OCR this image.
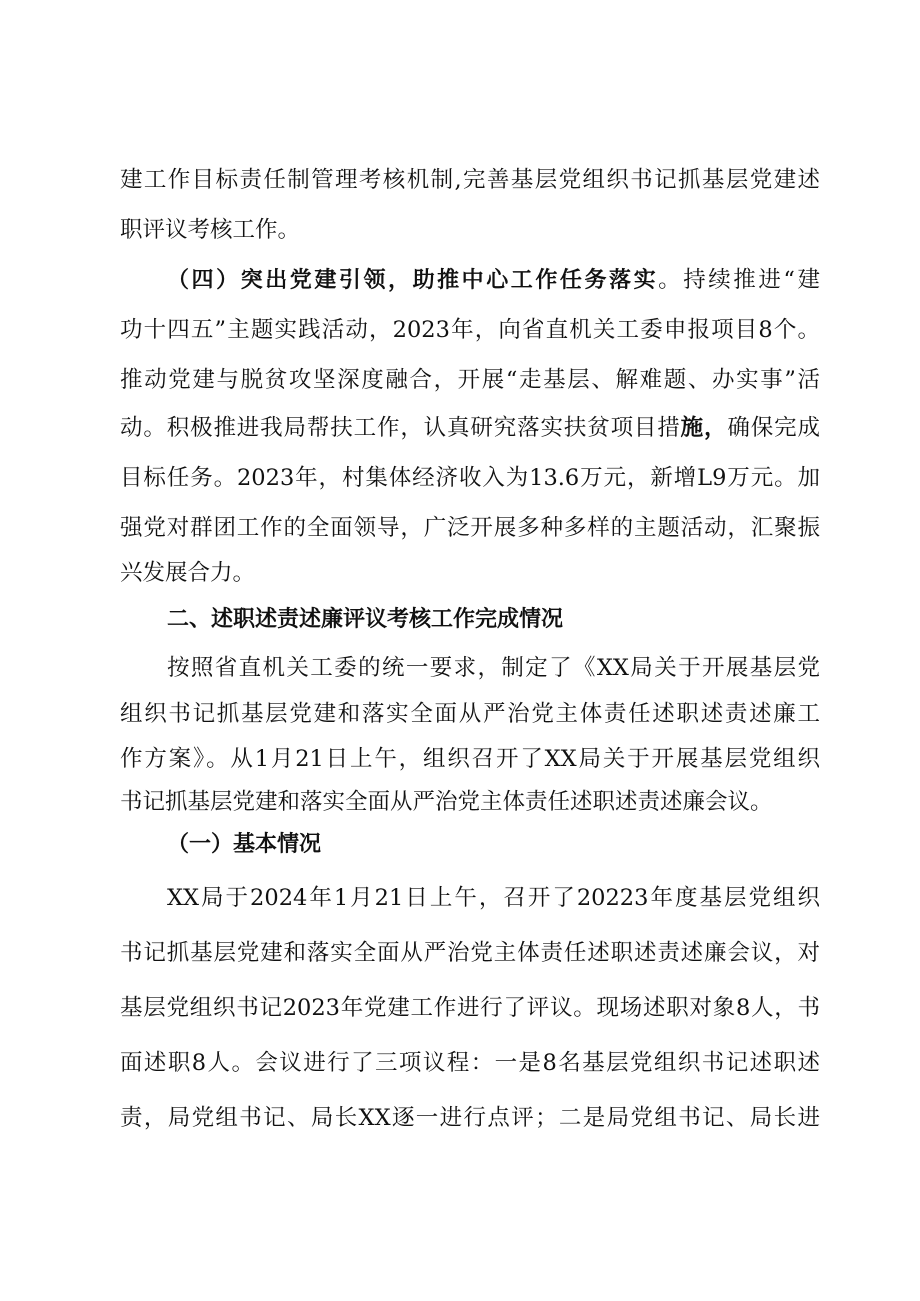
建工作目标责任制管理考核机制,完善基层党组织书记抓基层党建述
职评议考核工作。
（四）突出党建引领，助推中心工作任务落实。持续推进“建
功十四五”主题实践活动，2023年，向省直机关工委申报项目8个。
推动党建与脱贫攻坚深度融合，开展“走基层、解难题、办实事”活
动。积极推进我局帮扶工作，认真研究落实扶贫项目措施，确保完成
目标任务。2023年，村集体经济收入为13.6万元，新增L9万元。加
强党对群团工作的全面领导，广泛开展多种多样的主题活动，汇聚振
兴发展合力。
二、述职述责述廉评议考核工作完成情况
按照省直机关工委的统一要求，制定了《XX局关于开展基层党
组织书记抓基层党建和落实全面从严治党主体责任述职述责述廉工
作方案》。从1月21日上午，组织召开了XX局关于开展基层党组织
书记抓基层党建和落实全面从严治党主体责任述职述责述廉会议。
（一）基本情况
XX局于2024年1月21日上午，召开了20223年度基层党组织
书记抓基层党建和落实全面从严治党主体责任述职述责述廉会议，对
基层党组织书记2023年党建工作进行了评议。现场述职对象8人，书
面述职8人。会议进行了三项议程：一是8名基层党组织书记述职述
责，局党组书记、局长XX逐一进行点评；二是局党组书记、局长进
